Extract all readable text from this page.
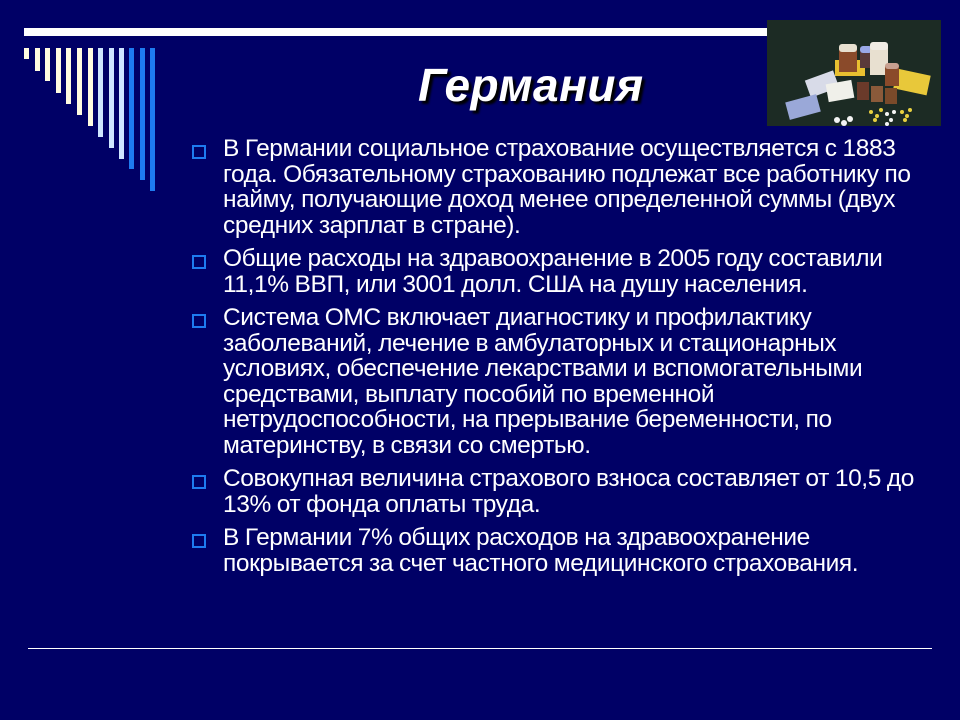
Германия
В Германии социальное страхование осуществляется с 1883 года. Обязательному страхованию подлежат все работнику по найму, получающие доход менее определенной суммы (двух средних зарплат в стране).
Общие расходы на здравоохранение в 2005 году составили 11,1% ВВП, или 3001 долл. США на душу населения.
Система ОМС включает диагностику и профилактику заболеваний, лечение в амбулаторных и стационарных условиях, обеспечение лекарствами и вспомогательными средствами, выплату пособий по временной нетрудоспособности, на прерывание беременности, по материнству, в связи со смертью.
Совокупная величина страхового взноса составляет от 10,5 до 13% от фонда оплаты труда.
В Германии 7% общих расходов на здравоохранение покрывается за счет частного медицинского страхования.
